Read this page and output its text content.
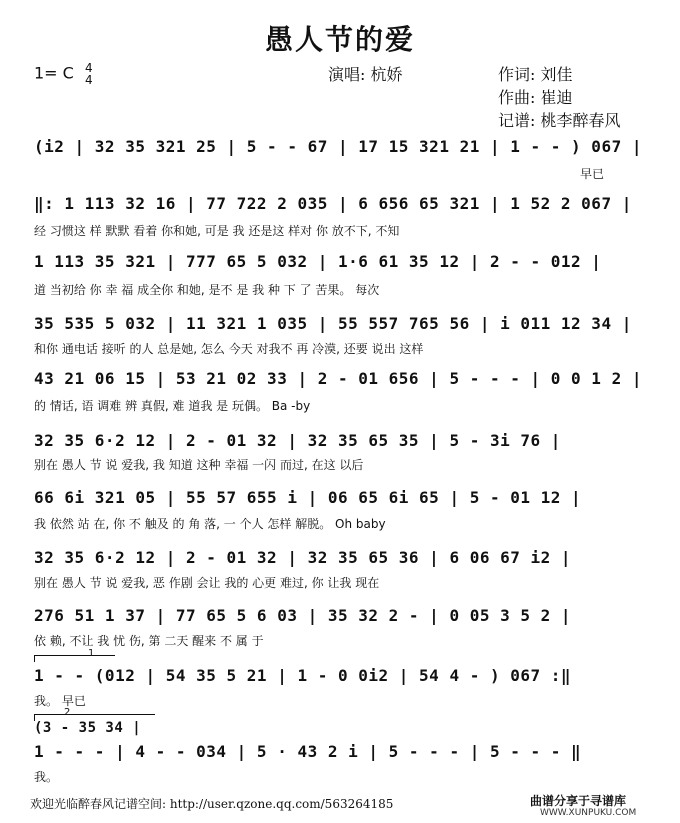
愚人节的爱
1= C 4
4	演唱: 杭娇	作词: 刘佳
作曲: 崔迪
记谱: 桃李醉春风
(i2 | 32 35 321 25 | 5 - - 67 | 17 15 321 21 | 1 - - ) 067 |
早已
‖: 1 113 32 16 | 77 722 2 035 | 6 656 65 321 | 1 52 2 067 |
经 习惯这 样 默默 看着 你和她, 可是 我 还是这 样对 你 放不下, 不知
1 113 35 321 | 777 65 5 032 | 1·6 61 35 12 | 2 - - 012 |
道 当初给 你 幸 福 成全你 和她, 是不 是 我 种 下 了 苦果。 每次
35 535 5 032 | 11 321 1 035 | 55 557 765 56 | i 011 12 34 |
和你 通电话 接听 的人 总是她, 怎么 今天 对我不 再 冷漠, 还要 说出 这样
43 21 06 15 | 53 21 02 33 | 2 - 01 656 | 5 - - - | 0 0 1 2 |
的 情话, 语 调难 辨 真假, 难 道我 是 玩偶。 Ba -by
32 35 6·2 12 | 2 - 01 32 | 32 35 65 35 | 5 - 3i 76 |
别在 愚人 节 说 爱我, 我 知道 这种 幸福 一闪 而过, 在这 以后
66 6i 321 05 | 55 57 655 i | 06 65 6i 65 | 5 - 01 12 |
我 依然 站 在, 你 不 触及 的 角 落, 一 个人 怎样 解脱。 Oh baby
32 35 6·2 12 | 2 - 01 32 | 32 35 65 36 | 6 06 67 i2 |
别在 愚人 节 说 爱我, 恶 作剧 会让 我的 心更 难过, 你 让我 现在
276 51 1 37 | 77 65 5 6 03 | 35 32 2 - | 0 05 3 5 2 |
依 赖, 不让 我 忧 伤, 第 二天 醒来 不 属 于
1
1 - - (012 | 54 35 5 21 | 1 - 0 0i2 | 54 4 - ) 067 :‖
我。 早已
2
(3 - 35 34 |
1 - - - | 4 - - 034 | 5 · 43 2 i | 5 - - - | 5 - - - ‖
我。
欢迎光临醉春风记谱空间: http://user.qzone.qq.com/563264185	曲谱分享于寻谱库
WWW.XUNPUKU.COM
